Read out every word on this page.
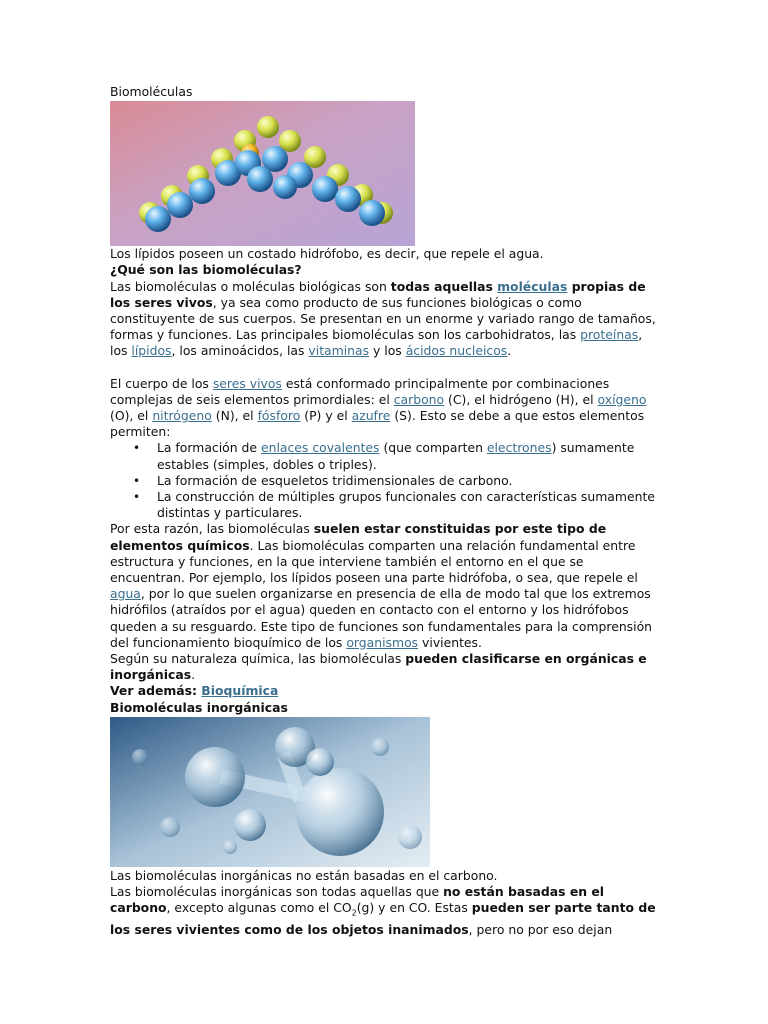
Biomoléculas

Los lípidos poseen un costado hidrófobo, es decir, que repele el agua.

¿Qué son las biomoléculas?

Las biomoléculas o moléculas biológicas son todas aquellas moléculas propias de los seres vivos, ya sea como producto de sus funciones biológicas o como constituyente de sus cuerpos. Se presentan en un enorme y variado rango de tamaños, formas y funciones. Las principales biomoléculas son los carbohidratos, las proteínas, los lípidos, los aminoácidos, las vitaminas y los ácidos nucleicos.

El cuerpo de los seres vivos está conformado principalmente por combinaciones complejas de seis elementos primordiales: el carbono (C), el hidrógeno (H), el oxígeno (O), el nitrógeno (N), el fósforo (P) y el azufre (S). Esto se debe a que estos elementos permiten:

• La formación de enlaces covalentes (que comparten electrones) sumamente estables (simples, dobles o triples).
• La formación de esqueletos tridimensionales de carbono.
• La construcción de múltiples grupos funcionales con características sumamente distintas y particulares.

Por esta razón, las biomoléculas suelen estar constituidas por este tipo de elementos químicos. Las biomoléculas comparten una relación fundamental entre estructura y funciones, en la que interviene también el entorno en el que se encuentran. Por ejemplo, los lípidos poseen una parte hidrófoba, o sea, que repele el agua, por lo que suelen organizarse en presencia de ella de modo tal que los extremos hidrófilos (atraídos por el agua) queden en contacto con el entorno y los hidrófobos queden a su resguardo. Este tipo de funciones son fundamentales para la comprensión del funcionamiento bioquímico de los organismos vivientes.

Según su naturaleza química, las biomoléculas pueden clasificarse en orgánicas e inorgánicas.

Ver además: Bioquímica

Biomoléculas inorgánicas

Las biomoléculas inorgánicas no están basadas en el carbono.

Las biomoléculas inorgánicas son todas aquellas que no están basadas en el carbono, excepto algunas como el $CO_2(g)$ y en CO. Estas pueden ser parte tanto de los seres vivientes como de los objetos inanimados, pero no por eso dejan
